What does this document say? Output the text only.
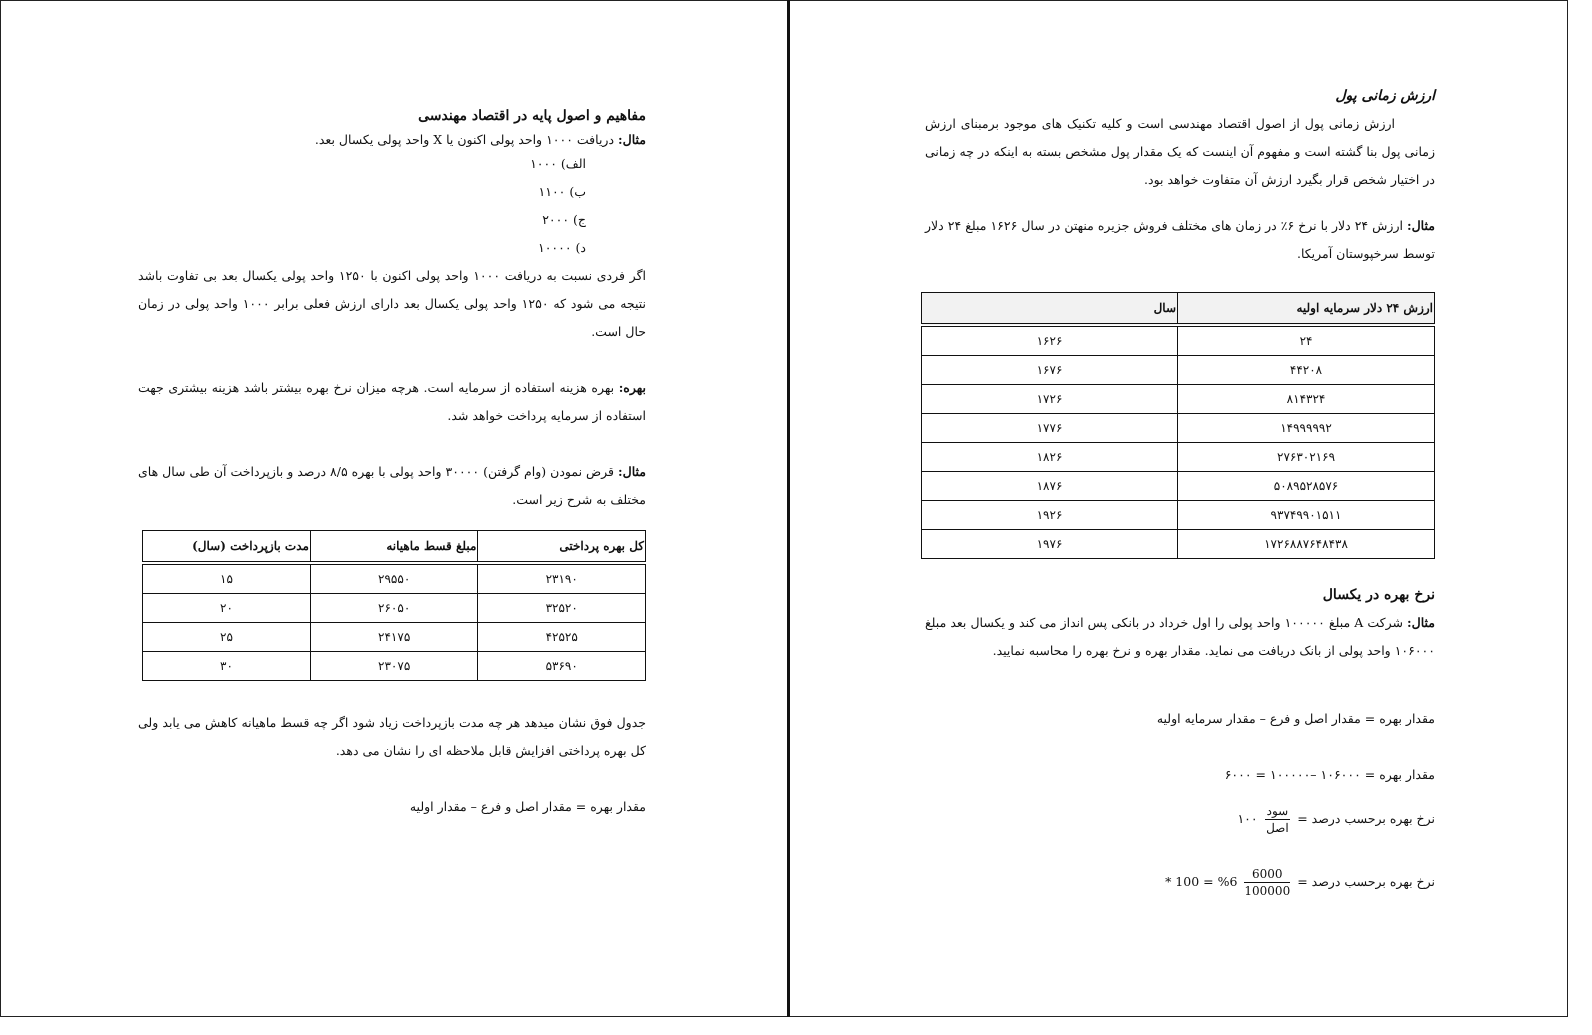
مفاهیم و اصول پایه در اقتصاد مهندسی

مثال: دریافت ۱۰۰۰ واحد پولی اکنون یا X واحد پولی یکسال بعد.

الف) ۱۰۰۰
ب) ۱۱۰۰
ج) ۲۰۰۰
د) ۱۰۰۰۰

اگر فردی نسبت به دریافت ۱۰۰۰ واحد پولی اکنون با ۱۲۵۰ واحد پولی یکسال بعد بی تفاوت باشد نتیجه می شود که ۱۲۵۰ واحد پولی یکسال بعد دارای ارزش فعلی برابر ۱۰۰۰ واحد پولی در زمان حال است.

بهره: بهره هزینه استفاده از سرمایه است. هرچه میزان نرخ بهره بیشتر باشد هزینه بیشتری جهت استفاده از سرمایه پرداخت خواهد شد.

مثال: قرض نمودن (وام گرفتن) ۳۰۰۰۰ واحد پولی با بهره ۸/۵ درصد و بازپرداخت آن طی سال های مختلف به شرح زیر است.

کل بهره پرداختی	مبلغ قسط ماهیانه	مدت بازپرداخت (سال)
۲۳۱۹۰	۲۹۵۵۰	۱۵
۳۲۵۲۰	۲۶۰۵۰	۲۰
۴۲۵۲۵	۲۴۱۷۵	۲۵
۵۳۶۹۰	۲۳۰۷۵	۳۰

جدول فوق نشان میدهد هر چه مدت بازپرداخت زیاد شود اگر چه قسط ماهیانه کاهش می یابد ولی کل بهره پرداختی افزایش قابل ملاحظه ای را نشان می دهد.

مقدار بهره = مقدار اصل و فرع – مقدار اولیه

ارزش زمانی پول

ارزش زمانی پول از اصول اقتصاد مهندسی است و کلیه تکنیک های موجود برمبنای ارزش زمانی پول بنا گشته است و مفهوم آن اینست که یک مقدار پول مشخص بسته به اینکه در چه زمانی در اختیار شخص قرار بگیرد ارزش آن متفاوت خواهد بود.

مثال: ارزش ۲۴ دلار با نرخ ۶٪ در زمان های مختلف فروش جزیره منهتن در سال ۱۶۲۶ مبلغ ۲۴ دلار توسط سرخپوستان آمریکا.

ارزش ۲۴ دلار سرمایه اولیه	سال
۲۴	۱۶۲۶
۴۴۲۰۸	۱۶۷۶
۸۱۴۳۲۴	۱۷۲۶
۱۴۹۹۹۹۹۲	۱۷۷۶
۲۷۶۳۰۲۱۶۹	۱۸۲۶
۵۰۸۹۵۲۸۵۷۶	۱۸۷۶
۹۳۷۴۹۹۰۱۵۱۱	۱۹۲۶
۱۷۲۶۸۸۷۶۴۸۴۳۸	۱۹۷۶
نرخ بهره در یکسال

مثال: شرکت A مبلغ ۱۰۰۰۰۰ واحد پولی را اول خرداد در بانکی پس انداز می کند و یکسال بعد مبلغ ۱۰۶۰۰۰ واحد پولی از بانک دریافت می نماید. مقدار بهره و نرخ بهره را محاسبه نمایید.

مقدار بهره = مقدار اصل و فرع – مقدار سرمایه اولیه

مقدار بهره = ۱۰۶۰۰۰ –۱۰۰۰۰۰ = ۶۰۰۰

نرخ بهره برحسب درصد =
$\frac{\text{سود}}{\text{اصل}}$
۱۰۰
نرخ بهره برحسب درصد =
$\frac{6000}{100000}$
* 100 = %6
